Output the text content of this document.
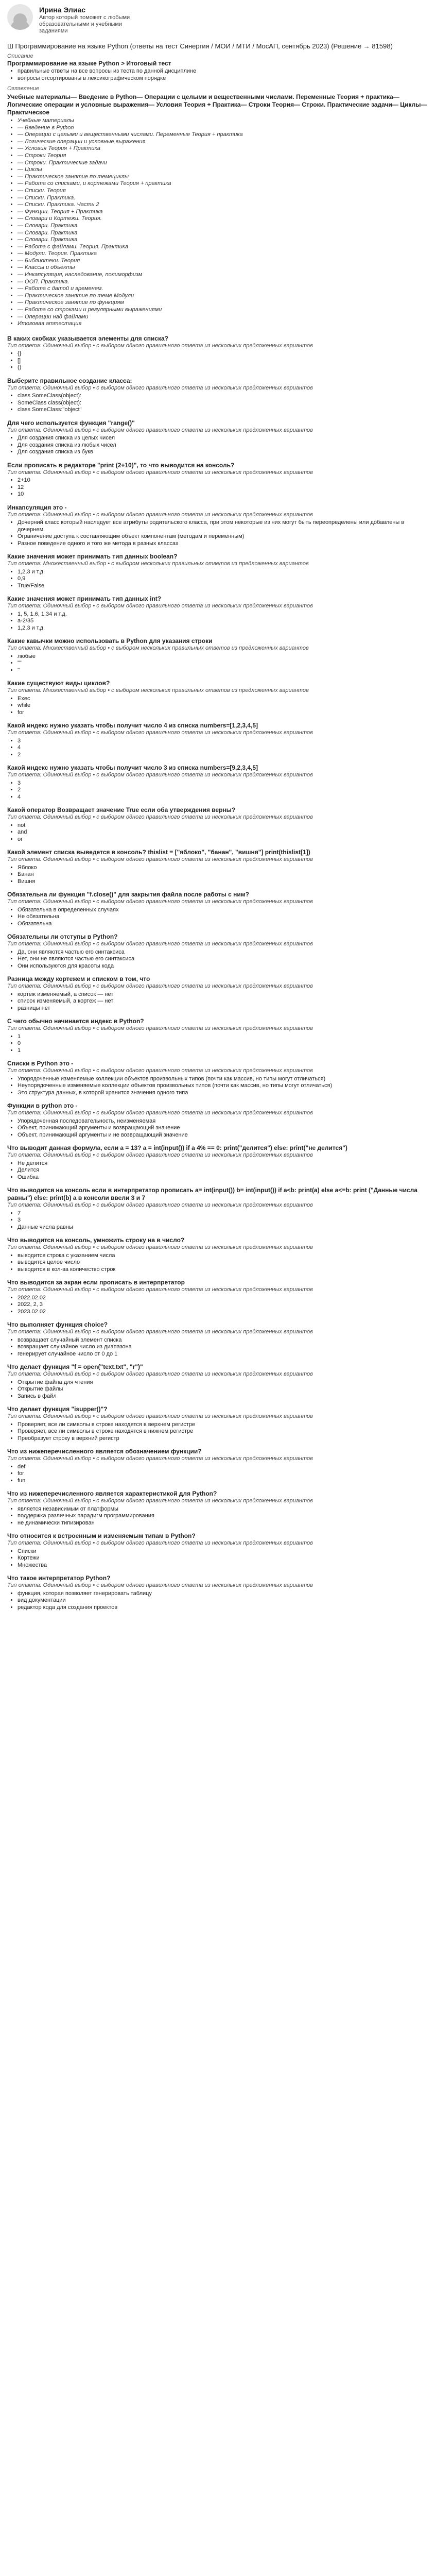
Ирина Элиас
Автор который поможет с любыми образовательными и учебными заданиями
Ш Программирование на языке Python (ответы на тест Синергия / МОИ / МТИ / МосАП, сентябрь 2023) (Решение → 81598)
Описание
Программирование на языке Python > Итоговый тест
• правильные ответы на все вопросы из теста по данной дисциплине
• вопросы отсортированы в лексикографическом порядке
Оглавление
Учебные материалы— Введение в Python— Операции с целыми и вещественными числами. Переменные Теория + практика— Логические операции и условные выражения— Условия Теория + Практика— Строки Теория— Строки. Практические задачи— Циклы— Практическое
• Учебные материалы
• — Введение в Python
• — Операции с целыми и вещественными числами. Переменные Теория + практика
• — Логические операции и условные выражения
• — Условия Теория + Практика
• — Строки Теория
• — Строки. Практические задачи
• — Циклы
• — Практическое занятие по темециклы
• — Работа со списками, и кортежами Теория + практика
• — Списки. Теория
• — Списки. Практика.
• — Списки. Практика. Часть 2
• — Функции. Теория + Практика
• — Словари и Кортежи. Теория.
• — Словари. Практика.
• — Словари. Практика.
• — Словари. Практика.
• — Работа с файлами. Теория. Практика
• — Модули. Теория. Практика
• — Библиотеки. Теория
• — Классы и объекты
• — Инкапсуляция, наследование, полиморфизм
• — ООП. Практика.
• — Работа с датой и временем.
• — Практическое занятие по теме Модули
• — Практическое занятие по функциям
• — Работа со строками и регулярными выражениями
• — Операции над файлами
• Итоговая аттестация
В каких скобках указывается элементы для списка?
Тип ответа: Одиночный выбор • с выбором одного правильного ответа из нескольких предложенных вариантов
• {}
• []
• ()
Выберите правильное создание класса:
Тип ответа: Одиночный выбор • с выбором одного правильного ответа из нескольких предложенных вариантов
• class SomeClass(object):
• SomeClass class(object):
• class SomeClass:"object"
Для чего используется функция "range()"
Тип ответа: Одиночный выбор • с выбором одного правильного ответа из нескольких предложенных вариантов
• Для создания списка из целых чисел
• Для создания списка из любых чисел
• Для создания списка из букв
Если прописать в редакторе "print (2+10)", то что выводится на консоль?
Тип ответа: Одиночный выбор • с выбором одного правильного ответа из нескольких предложенных вариантов
• 2+10
• 12
• 10
Инкапсуляция это -
Тип ответа: Одиночный выбор • с выбором одного правильного ответа из нескольких предложенных вариантов
• Дочерний класс который наследует все атрибуты родительского класса, при этом некоторые из них могут быть переопределены или добавлены в дочернем
• Ограничение доступа к составляющим объект компонентам (методам и переменным)
• Разное поведение одного и того же метода в разных классах
Какие значения может принимать тип данных boolean?
Тип ответа: Множественный выбор • с выбором нескольких правильных ответов из предложенных вариантов
• 1,2,3 и т.д.
• 0,9
• True/False
Какие значения может принимать тип данных int?
Тип ответа: Одиночный выбор • с выбором одного правильного ответа из нескольких предложенных вариантов
• 1, 5, 1.6, 1.34 и т.д.
• а-2/35
• 1,2,3 и т.д.
Какие кавычки можно использовать в Python для указания строки
Тип ответа: Множественный выбор • с выбором нескольких правильных ответов из предложенных вариантов
• любые
• ""
• ''
Какие существуют виды циклов?
Тип ответа: Множественный выбор • с выбором нескольких правильных ответов из предложенных вариантов
• Exec
• while
• for
Какой индекс нужно указать чтобы получит число 4 из списка numbers=[1,2,3,4,5]
Тип ответа: Одиночный выбор • с выбором одного правильного ответа из нескольких предложенных вариантов
• 3
• 4
• 2
Какой индекс нужно указать чтобы получит число 3 из списка numbers=[9,2,3,4,5]
Тип ответа: Одиночный выбор • с выбором одного правильного ответа из нескольких предложенных вариантов
• 3
• 2
• 4
Какой оператор Возвращает значение True если оба утверждения верны?
Тип ответа: Одиночный выбор • с выбором одного правильного ответа из нескольких предложенных вариантов
• not
• and
• or
Какой элемент списка выведется в консоль? thislist = ["яблоко", "банан", "вишня"] print(thislist[1])
Тип ответа: Одиночный выбор • с выбором одного правильного ответа из нескольких предложенных вариантов
• Яблоко
• Банан
• Вишня
Обязательна ли функция "f.close()" для закрытия файла после работы с ним?
Тип ответа: Одиночный выбор • с выбором одного правильного ответа из нескольких предложенных вариантов
• Обязательна в определенных случаях
• Не обязательна
• Обязательна
Обязательны ли отступы в Python?
Тип ответа: Одиночный выбор • с выбором одного правильного ответа из нескольких предложенных вариантов
• Да, они являются частью его синтаксиса
• Нет, они не являются частью его синтаксиса
• Они используются для красоты кода
Разница между кортежем и списком в том, что
Тип ответа: Одиночный выбор • с выбором одного правильного ответа из нескольких предложенных вариантов
• кортеж изменяемый, а список — нет
• список изменяемый, а кортеж — нет
• разницы нет
С чего обычно начинается индекс в Python?
Тип ответа: Одиночный выбор • с выбором одного правильного ответа из нескольких предложенных вариантов
• 1
• 0
• 1
Списки в Python это -
Тип ответа: Одиночный выбор • с выбором одного правильного ответа из нескольких предложенных вариантов
• Упорядоченные изменяемые коллекции объектов произвольных типов (почти как массив, но типы могут отличаться)
• Неупорядоченные изменяемые коллекции объектов произвольных типов (почти как массив, но типы могут отличаться)
• Это структура данных, в которой хранится значения одного типа
Функции в python это -
Тип ответа: Одиночный выбор • с выбором одного правильного ответа из нескольких предложенных вариантов
• Упорядоченная последовательность, неизменяемая
• Объект, принимающий аргументы и возвращающий значение
• Объект, принимающий аргументы и не возвращающий значение
Что выводит данная формула, если a = 13? a = int(input()) if a 4% == 0: print("делится") else: print("не делится")
Тип ответа: Одиночный выбор • с выбором одного правильного ответа из нескольких предложенных вариантов
• Не делится
• Делится
• Ошибка
Что выводится на консоль если в интерпретатор прописать a= int(input()) b= int(input()) if a<b: print(a) else a<=b: print ("Данные числа равны") else: print(b) а в консоли ввели 3 и 7
Тип ответа: Одиночный выбор • с выбором одного правильного ответа из нескольких предложенных вариантов
• 7
• 3
• Данные числа равны
Что выводится на консоль, умножить строку на в число?
Тип ответа: Одиночный выбор • с выбором одного правильного ответа из нескольких предложенных вариантов
• выводится строка с указанием числа
• выводится целое число
• выводится в кол-ва количество строк
Что выводится за экран если прописать в интерпретатор
Тип ответа: Одиночный выбор • с выбором одного правильного ответа из нескольких предложенных вариантов
• 2022.02.02
• 2022, 2, 3
• 2023.02.02
Что выполняет функция choice?
Тип ответа: Одиночный выбор • с выбором одного правильного ответа из нескольких предложенных вариантов
• возвращает случайный элемент списка
• возвращает случайное число из диапазона
• генерирует случайное число от 0 до 1
Что делает функция "f = open("text.txt", "r")"
Тип ответа: Одиночный выбор • с выбором одного правильного ответа из нескольких предложенных вариантов
• Открытие файла для чтения
• Открытие файлы
• Запись в файл
Что делает функция "isupper()"?
Тип ответа: Одиночный выбор • с выбором одного правильного ответа из нескольких предложенных вариантов
• Проверяет, все ли символы в строке находятся в верхнем регистре
• Проверяет, все ли символы в строке находятся в нижнем регистре
• Преобразует строку в верхний регистр
Что из нижеперечисленного является обозначением функции?
Тип ответа: Одиночный выбор • с выбором одного правильного ответа из нескольких предложенных вариантов
• def
• for
• fun
Что из нижеперечисленного является характеристикой для Python?
Тип ответа: Одиночный выбор • с выбором одного правильного ответа из нескольких предложенных вариантов
• является независимым от платформы
• поддержка различных парадигм программирования
• не динамически типизирован
Что относится к встроенным и изменяемым типам в Python?
Тип ответа: Одиночный выбор • с выбором одного правильного ответа из нескольких предложенных вариантов
• Списки
• Кортежи
• Множества
Что такое интерпретатор Python?
Тип ответа: Одиночный выбор • с выбором одного правильного ответа из нескольких предложенных вариантов
• функция, которая позволяет генерировать таблицу
• вид документации
• редактор кода для создания проектов
